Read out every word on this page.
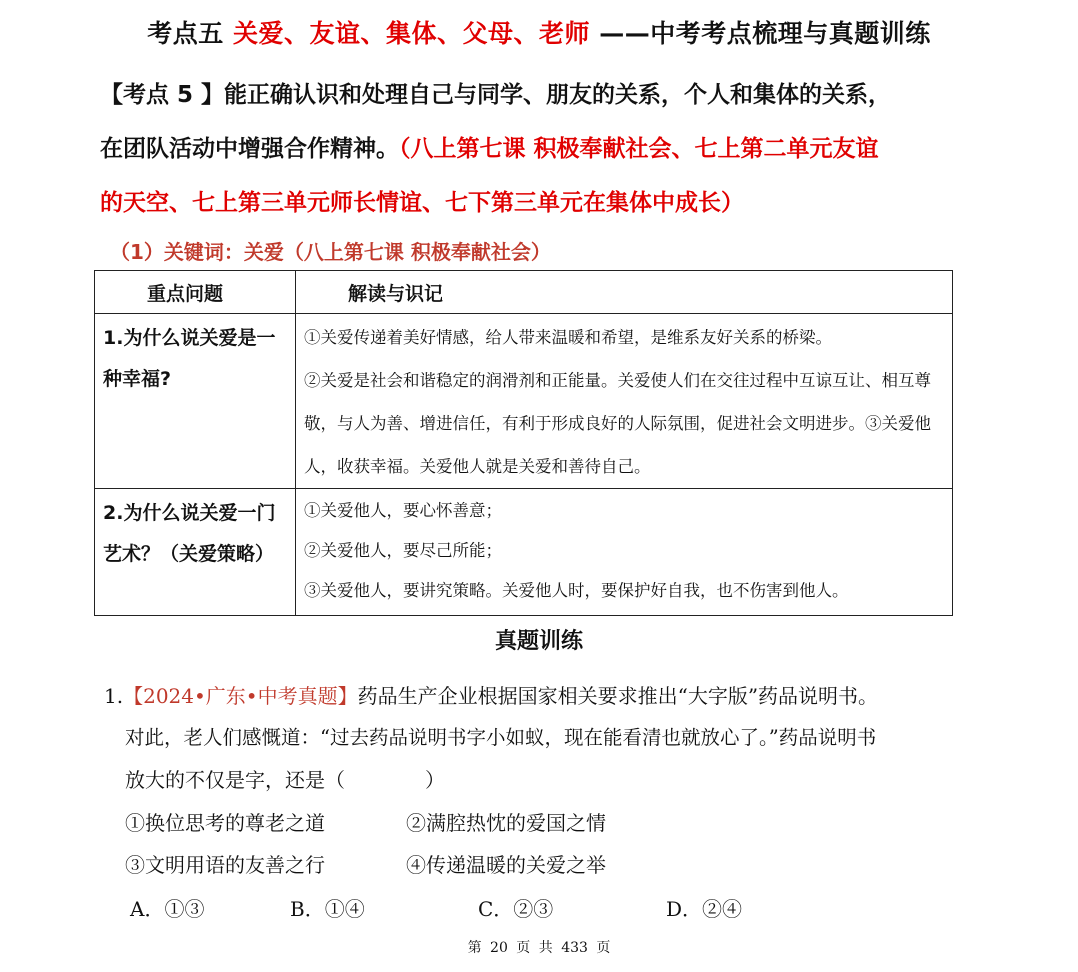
考点五 关爱、友谊、集体、父母、老师 ——中考考点梳理与真题训练
【考点 5 】能正确认识和处理自己与同学、朋友的关系，个人和集体的关系，
在团队活动中增强合作精神。（八上第七课 积极奉献社会、七上第二单元友谊
的天空、七上第三单元师长情谊、七下第三单元在集体中成长）
（1）关键词：关爱（八上第七课 积极奉献社会）
重点问题	解读与识记
1.为什么说关爱是一种幸福?	①关爱传递着美好情感，给人带来温暖和希望，是维系友好关系的桥梁。
②关爱是社会和谐稳定的润滑剂和正能量。关爱使人们在交往过程中互谅互让、相互尊敬，与人为善、增进信任，有利于形成良好的人际氛围，促进社会文明进步。③关爱他人，收获幸福。关爱他人就是关爱和善待自己。

2.为什么说关爱一门艺术？（关爱策略）	①关爱他人，要心怀善意；
②关爱他人，要尽己所能；
③关爱他人，要讲究策略。关爱他人时，要保护好自我，也不伤害到他人。
真题训练
1.【2024•广东•中考真题】药品生产企业根据国家相关要求推出“大字版”药品说明书。
对此，老人们感慨道：“过去药品说明书字小如蚁，现在能看清也就放心了。”药品说明书
放大的不仅是字，还是（　　　　）
①换位思考的尊老之道	②满腔热忱的爱国之情
③文明用语的友善之行	④传递温暖的关爱之举
A．①③	B．①④	C．②③	D．②④
第 20 页 共 433 页
